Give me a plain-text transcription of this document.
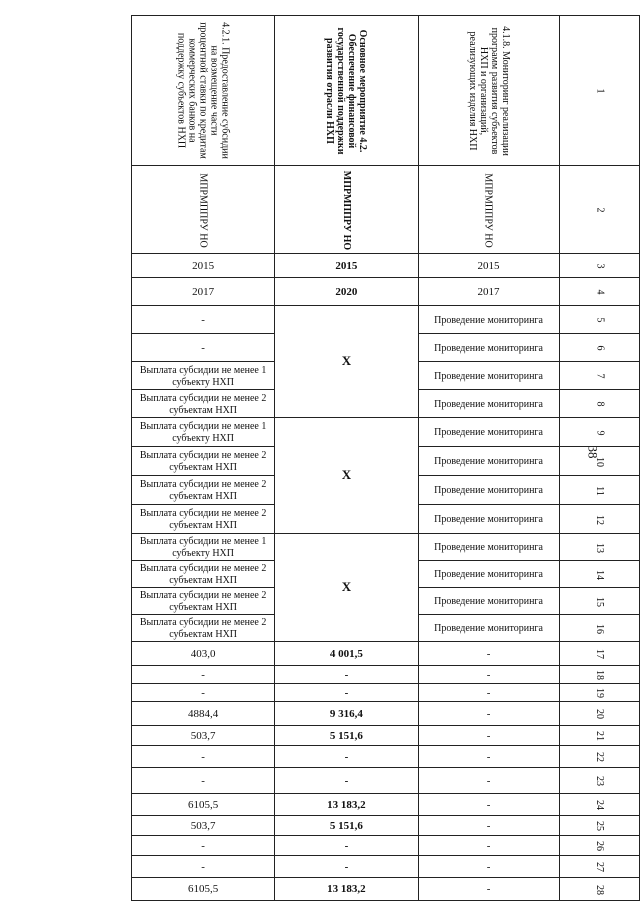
38
4.2.1. Предоставление субсидии на возмещение части процентной ставки по кредитам коммерческих банков на поддержку субъектов НХП	Основное мероприятие 4.2. Обеспечение финансовой государственной поддержки развития отрасли НХП	4.1.8. Мониторинг реализации программ развития субъектов НХП и организаций, реализующих изделия НХП	1
МПРМППРУ НО	МПРМППРУ НО	МПРМППРУ НО	2
2015	2015	2015	3
2017	2020	2017	4
-	Х	Проведение мониторинга	5
-		Проведение мониторинга	6
Выплата субсидии не менее 1 субъекту НХП		Проведение мониторинга	7
Выплата субсидии не менее 2 субъектам НХП		Проведение мониторинга	8
Выплата субсидии не менее 1 субъекту НХП	Х	Проведение мониторинга	9
Выплата субсидии не менее 2 субъектам НХП		Проведение мониторинга	10
Выплата субсидии не менее 2 субъектам НХП		Проведение мониторинга	11
Выплата субсидии не менее 2 субъектам НХП		Проведение мониторинга	12
Выплата субсидии не менее 1 субъекту НХП	Х	Проведение мониторинга	13
Выплата субсидии не менее 2 субъектам НХП		Проведение мониторинга	14
Выплата субсидии не менее 2 субъектам НХП		Проведение мониторинга	15
Выплата субсидии не менее 2 субъектам НХП		Проведение мониторинга	16
403,0	4 001,5	-	17
-	-	-	18
-	-	-	19
4884,4	9 316,4	-	20
503,7	5 151,6	-	21
-	-	-	22
-	-	-	23
6105,5	13 183,2	-	24
503,7	5 151,6	-	25
-	-	-	26
-	-	-	27
6105,5	13 183,2	-	28
